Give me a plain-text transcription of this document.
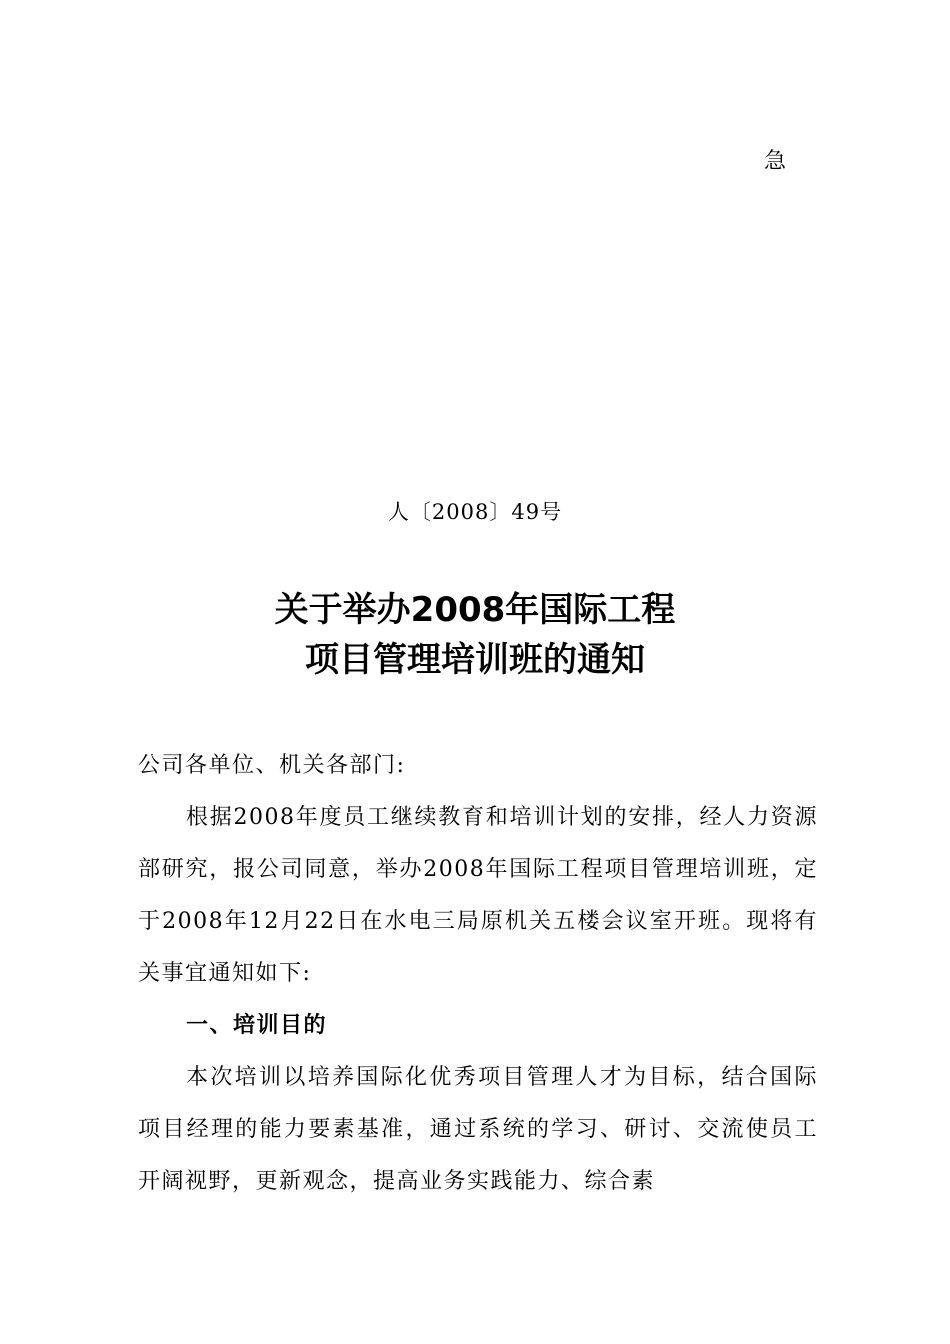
急
人〔2008〕49号
关于举办2008年国际工程
项目管理培训班的通知

公司各单位、机关各部门:

根据2008年度员工继续教育和培训计划的安排，经人力资源部研究，报公司同意，举办2008年国际工程项目管理培训班，定于2008年12月22日在水电三局原机关五楼会议室开班。现将有关事宜通知如下:

一、培训目的

本次培训以培养国际化优秀项目管理人才为目标，结合国际项目经理的能力要素基准，通过系统的学习、研讨、交流使员工开阔视野，更新观念，提高业务实践能力、综合素
